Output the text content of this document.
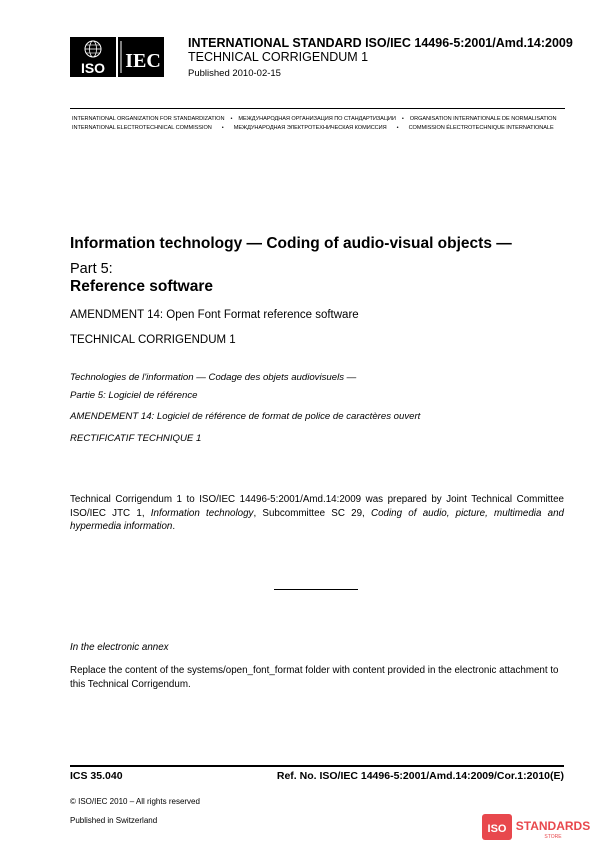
ISO IEC
INTERNATIONAL STANDARD ISO/IEC 14496-5:2001/Amd.14:2009
TECHNICAL CORRIGENDUM 1
Published 2010-02-15
INTERNATIONAL ORGANIZATION FOR STANDARDIZATION • МЕЖДУНАРОДНАЯ ОРГАНИЗАЦИЯ ПО СТАНДАРТИЗАЦИИ • ORGANISATION INTERNATIONALE DE NORMALISATION
INTERNATIONAL ELECTROTECHNICAL COMMISSION • МЕЖДУНАРОДНАЯ ЭЛЕКТРОТЕХНИЧЕСКАЯ КОМИССИЯ • COMMISSION ÉLECTROTECHNIQUE INTERNATIONALE
Information technology — Coding of audio-visual objects —
Part 5:
Reference software
AMENDMENT 14: Open Font Format reference software
TECHNICAL CORRIGENDUM 1
Technologies de l'information — Codage des objets audiovisuels —
Partie 5: Logiciel de référence
AMENDEMENT 14: Logiciel de référence de format de police de caractères ouvert
RECTIFICATIF TECHNIQUE 1
Technical Corrigendum 1 to ISO/IEC 14496-5:2001/Amd.14:2009 was prepared by Joint Technical Committee ISO/IEC JTC 1, Information technology, Subcommittee SC 29, Coding of audio, picture, multimedia and hypermedia information.
In the electronic annex
Replace the content of the systems/open_font_format folder with content provided in the electronic attachment to this Technical Corrigendum.
ICS 35.040	Ref. No. ISO/IEC 14496-5:2001/Amd.14:2009/Cor.1:2010(E)
© ISO/IEC 2010 – All rights reserved
Published in Switzerland
ISO STANDARDS
STORE
